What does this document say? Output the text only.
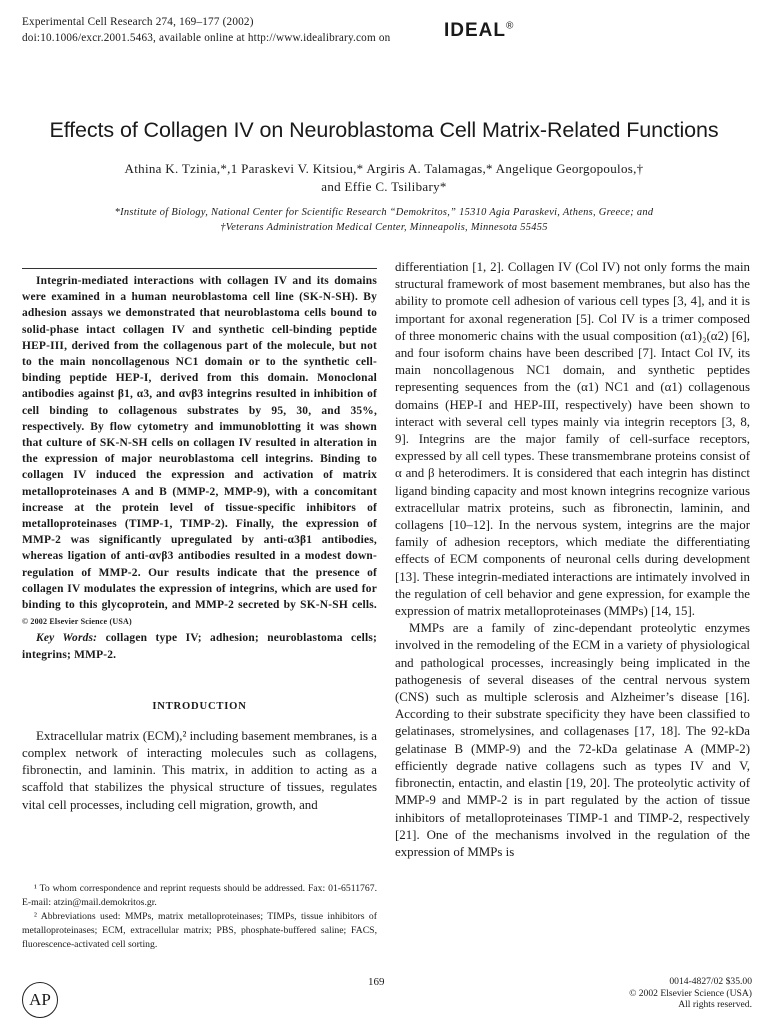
Experimental Cell Research 274, 169–177 (2002)
doi:10.1006/excr.2001.5463, available online at http://www.idealibrary.com on	IDEAL®
Effects of Collagen IV on Neuroblastoma Cell Matrix-Related Functions
Athina K. Tzinia,*,1 Paraskevi V. Kitsiou,* Argiris A. Talamagas,* Angelique Georgopoulos,†
and Effie C. Tsilibary*
*Institute of Biology, National Center for Scientific Research “Demokritos,” 15310 Agia Paraskevi, Athens, Greece; and
†Veterans Administration Medical Center, Minneapolis, Minnesota 55455

Integrin-mediated interactions with collagen IV and its domains were examined in a human neuroblastoma cell line (SK-N-SH). By adhesion assays we demonstrated that neuroblastoma cells bound to solid-phase intact collagen IV and synthetic cell-binding peptide HEP-III, derived from the collagenous part of the molecule, but not to the main noncollagenous NC1 domain or to the synthetic cell-binding peptide HEP-I, derived from this domain. Monoclonal antibodies against β1, α3, and αvβ3 integrins resulted in inhibition of cell binding to collagenous substrates by 95, 30, and 35%, respectively. By flow cytometry and immunoblotting it was shown that culture of SK-N-SH cells on collagen IV resulted in alteration in the expression of major neuroblastoma cell integrins. Binding to collagen IV induced the expression and activation of matrix metalloproteinases A and B (MMP-2, MMP-9), with a concomitant increase at the protein level of tissue-specific inhibitors of metalloproteinases (TIMP-1, TIMP-2). Finally, the expression of MMP-2 was significantly upregulated by anti-α3β1 antibodies, whereas ligation of anti-αvβ3 antibodies resulted in a modest down-regulation of MMP-2. Our results indicate that the presence of collagen IV modulates the expression of integrins, which are used for binding to this glycoprotein, and MMP-2 secreted by SK-N-SH cells. © 2002 Elsevier Science (USA)

Key Words: collagen type IV; adhesion; neuroblastoma cells; integrins; MMP-2.

INTRODUCTION

Extracellular matrix (ECM),² including basement membranes, is a complex network of interacting molecules such as collagens, fibronectin, and laminin. This matrix, in addition to acting as a scaffold that stabilizes the physical structure of tissues, regulates vital cell processes, including cell migration, growth, and

¹ To whom correspondence and reprint requests should be addressed. Fax: 01-6511767. E-mail: atzin@mail.demokritos.gr.

² Abbreviations used: MMPs, matrix metalloproteinases; TIMPs, tissue inhibitors of metalloproteinases; ECM, extracellular matrix; PBS, phosphate-buffered saline; FACS, fluorescence-activated cell sorting.

differentiation [1, 2]. Collagen IV (Col IV) not only forms the main structural framework of most basement membranes, but also has the ability to promote cell adhesion of various cell types [3, 4], and it is important for axonal regeneration [5]. Col IV is a trimer composed of three monomeric chains with the usual composition (α1)₂(α2) [6], and four isoform chains have been described [7]. Intact Col IV, its main noncollagenous NC1 domain, and synthetic peptides representing sequences from the (α1) NC1 and (α1) collagenous domains (HEP-I and HEP-III, respectively) have been shown to interact with several cell types mainly via integrin receptors [3, 8, 9]. Integrins are the major family of cell-surface receptors, expressed by all cell types. These transmembrane proteins consist of α and β heterodimers. It is considered that each integrin has distinct ligand binding capacity and most known integrins recognize various extracellular matrix proteins, such as fibronectin, laminin, and collagens [10–12]. In the nervous system, integrins are the major family of adhesion receptors, which mediate the differentiating effects of ECM components of neuronal cells during development [13]. These integrin-mediated interactions are intimately involved in the regulation of cell behavior and gene expression, for example the expression of matrix metalloproteinases (MMPs) [14, 15].

MMPs are a family of zinc-dependant proteolytic enzymes involved in the remodeling of the ECM in a variety of physiological and pathological processes, increasingly being implicated in the pathogenesis of several diseases of the central nervous system (CNS) such as multiple sclerosis and Alzheimer’s disease [16]. According to their substrate specificity they have been classified to gelatinases, stromelysines, and collagenases [17, 18]. The 92-kDa gelatinase B (MMP-9) and the 72-kDa gelatinase A (MMP-2) efficiently degrade native collagens such as types IV and V, fibronectin, entactin, and elastin [19, 20]. The proteolytic activity of MMP-9 and MMP-2 is in part regulated by the action of tissue inhibitors of metalloproteinases TIMP-1 and TIMP-2, respectively [21]. One of the mechanisms involved in the regulation of the expression of MMPs is

AP
169	0014-4827/02 $35.00
© 2002 Elsevier Science (USA)
All rights reserved.
